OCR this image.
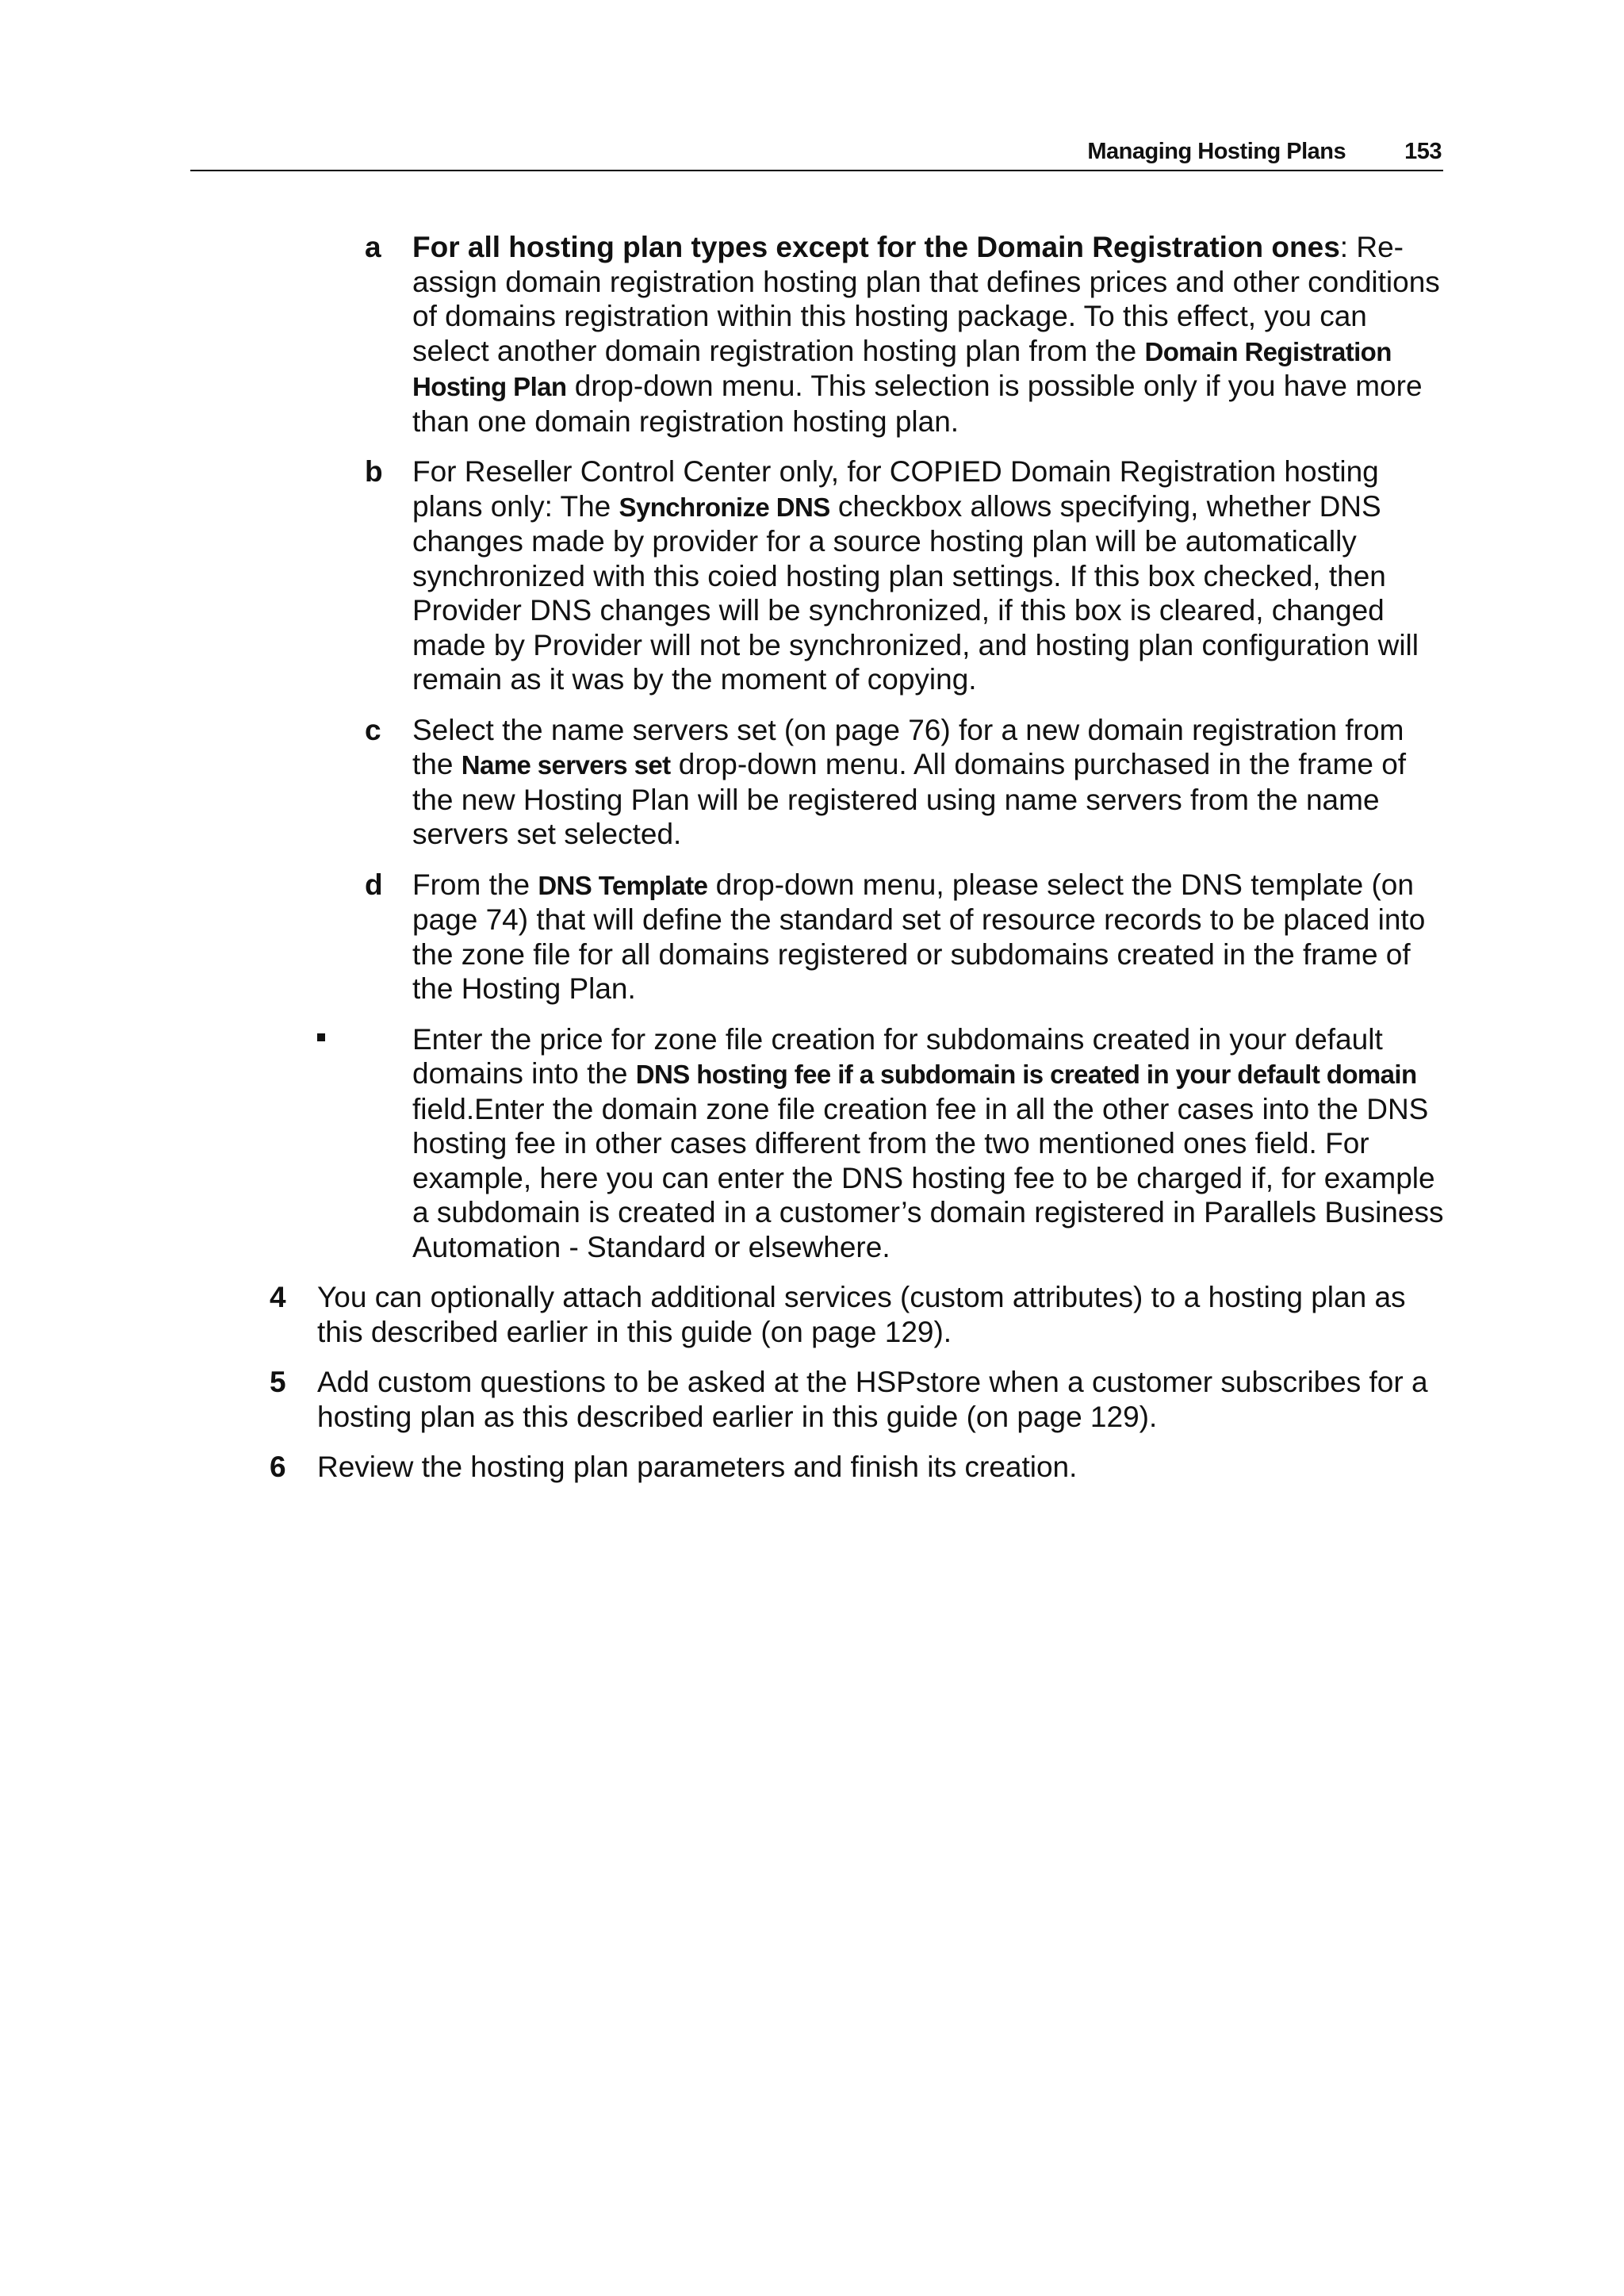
Managing Hosting Plans	153
a For all hosting plan types except for the Domain Registration ones: Re-assign domain registration hosting plan that defines prices and other conditions of domains registration within this hosting package. To this effect, you can select another domain registration hosting plan from the Domain Registration Hosting Plan drop-down menu. This selection is possible only if you have more than one domain registration hosting plan.
b For Reseller Control Center only, for COPIED Domain Registration hosting plans only: The Synchronize DNS checkbox allows specifying, whether DNS changes made by provider for a source hosting plan will be automatically synchronized with this coied hosting plan settings. If this box checked, then Provider DNS changes will be synchronized, if this box is cleared, changed made by Provider will not be synchronized, and hosting plan configuration will remain as it was by the moment of copying.
c Select the name servers set (on page 76) for a new domain registration from the Name servers set drop-down menu. All domains purchased in the frame of the new Hosting Plan will be registered using name servers from the name servers set selected.
d From the DNS Template drop-down menu, please select the DNS template (on page 74) that will define the standard set of resource records to be placed into the zone file for all domains registered or subdomains created in the frame of the Hosting Plan.
Enter the price for zone file creation for subdomains created in your default domains into the DNS hosting fee if a subdomain is created in your default domain field.Enter the domain zone file creation fee in all the other cases into the DNS hosting fee in other cases different from the two mentioned ones field. For example, here you can enter the DNS hosting fee to be charged if, for example a subdomain is created in a customer’s domain registered in Parallels Business Automation - Standard or elsewhere.
4 You can optionally attach additional services (custom attributes) to a hosting plan as this described earlier in this guide (on page 129).
5 Add custom questions to be asked at the HSPstore when a customer subscribes for a hosting plan as this described earlier in this guide (on page 129).
6 Review the hosting plan parameters and finish its creation.
